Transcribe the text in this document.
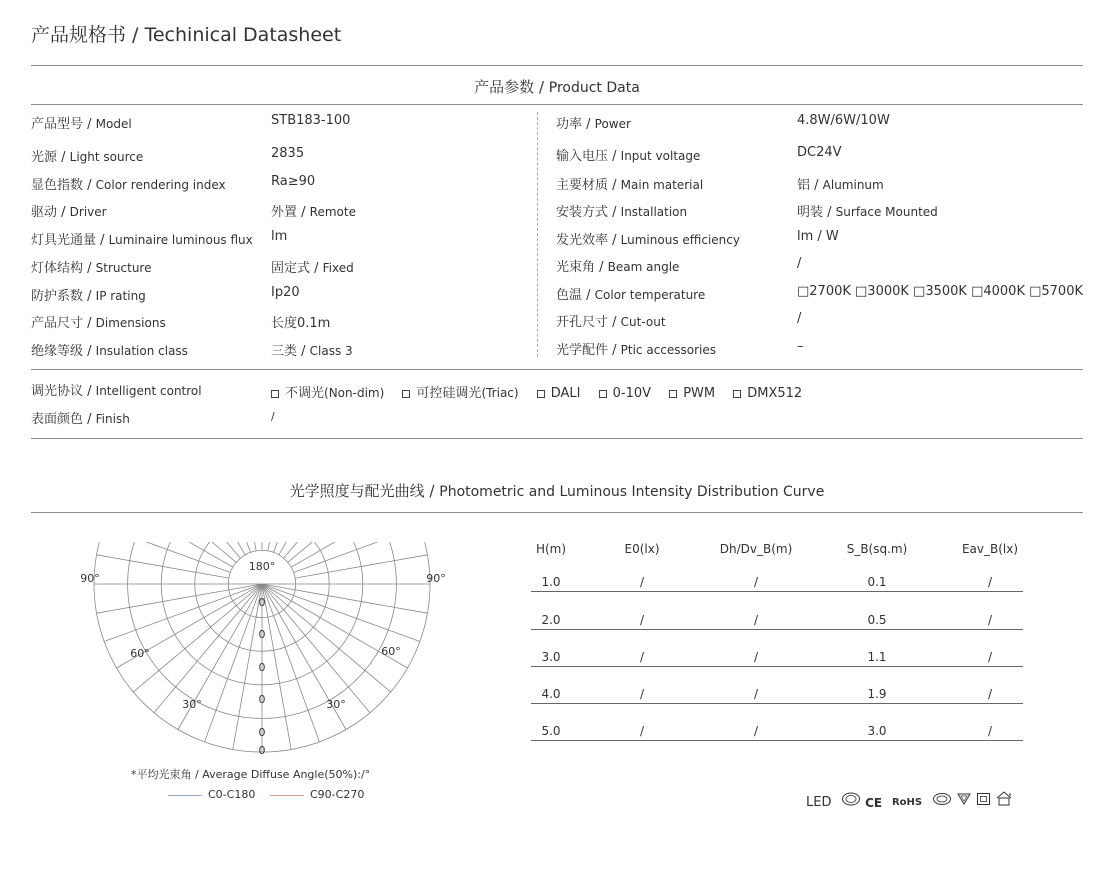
产品规格书 / Techinical Datasheet
产品参数 / Product Data
产品型号 / Model	STB183-100
光源 / Light source	2835
显色指数 / Color rendering index	Ra≥90
驱动 / Driver	外置 / Remote
灯具光通量 / Luminaire luminous flux lm
灯体结构 / Structure	固定式 / Fixed
防护系数 / IP rating	Ip20
产品尺寸 / Dimensions	长度0.1m
绝缘等级 / Insulation class	三类 / Class 3
功率 / Power	4.8W/6W/10W
输入电压 / Input voltage	DC24V
主要材质 / Main material	铝 / Aluminum
安装方式 / Installation	明装 / Surface Mounted
发光效率 / Luminous efficiency	lm / W
光束角 / Beam angle	/
色温 / Color temperature	□2700K □3000K □3500K □4000K □5700K
开孔尺寸 / Cut-out	/
光学配件 / Ptic accessories	–
调光协议 / Intelligent control	不调光(Non-dim) 可控硅调光(Triac) DALI 0-10V PWM DMX512
表面颜色 / Finish	/
光学照度与配光曲线 / Photometric and Luminous Intensity Distribution Curve
180°
90°	90°
60°	60°
30°	30°
0
0
0
0
0
0
*平均光束角 / Average Diffuse Angle(50%):/°
C0-C180	C90-C270
H(m)	E0(lx)	Dh/Dv_B(m)	S_B(sq.m)	Eav_B(lx)
1.0	/	/	0.1	/
2.0	/	/	0.5	/
3.0	/	/	1.1	/
4.0	/	/	1.9	/
5.0	/	/	3.0	/
LED	CE RoHS
